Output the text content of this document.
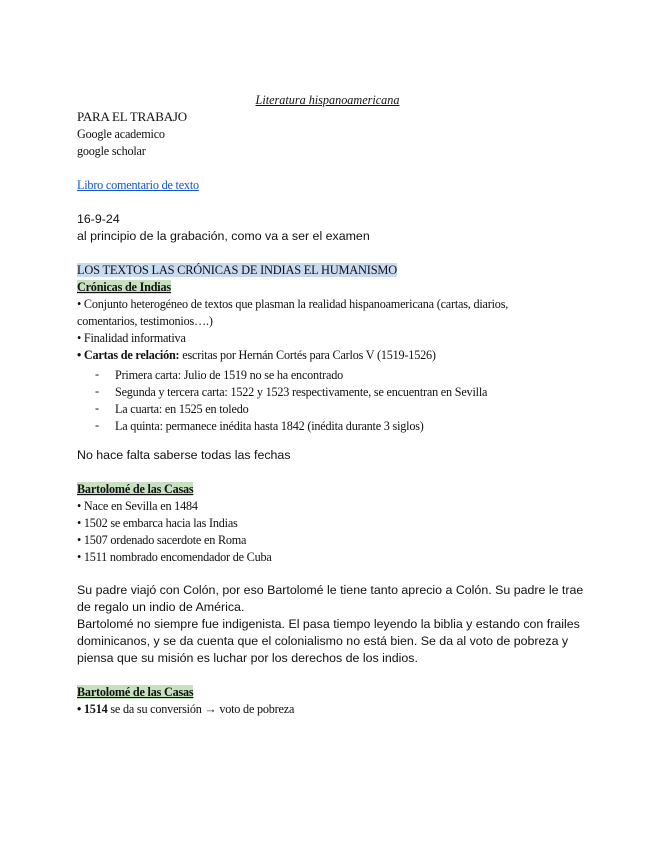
Literatura hispanoamericana
PARA EL TRABAJO
Google academico
google scholar
Libro comentario de texto
16-9-24
al principio de la grabación, como va a ser el examen
LOS TEXTOS LAS CRÓNICAS DE INDIAS EL HUMANISMO
Crónicas de Indias
• Conjunto heterogéneo de textos que plasman la realidad hispanoamericana (cartas, diarios,
comentarios, testimonios….)
• Finalidad informativa
• Cartas de relación: escritas por Hernán Cortés para Carlos V (1519-1526)
- Primera carta: Julio de 1519 no se ha encontrado
- Segunda y tercera carta: 1522 y 1523 respectivamente, se encuentran en Sevilla
- La cuarta: en 1525 en toledo
- La quinta: permanece inédita hasta 1842 (inédita durante 3 siglos)
No hace falta saberse todas las fechas
Bartolomé de las Casas
• Nace en Sevilla en 1484
• 1502 se embarca hacia las Indias
• 1507 ordenado sacerdote en Roma
• 1511 nombrado encomendador de Cuba
Su padre viajó con Colón, por eso Bartolomé le tiene tanto aprecio a Colón. Su padre le trae de regalo un indio de América.
Bartolomé no siempre fue indigenista. El pasa tiempo leyendo la biblia y estando con frailes dominicanos, y se da cuenta que el colonialismo no está bien. Se da al voto de pobreza y piensa que su misión es luchar por los derechos de los indios.
Bartolomé de las Casas
• 1514 se da su conversión → voto de pobreza
